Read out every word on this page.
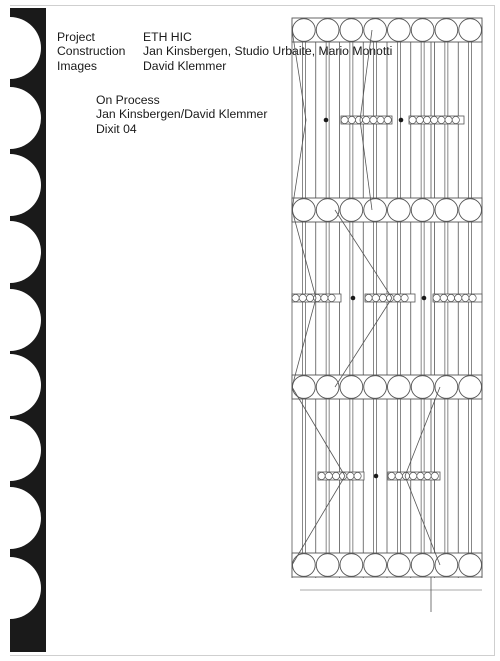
Project	ETH HIC
Construction	Jan Kinsbergen, Studio Urbaite, Mario Monotti
Images	David Klemmer
On Process
Jan Kinsbergen/David Klemmer
Dixit 04
